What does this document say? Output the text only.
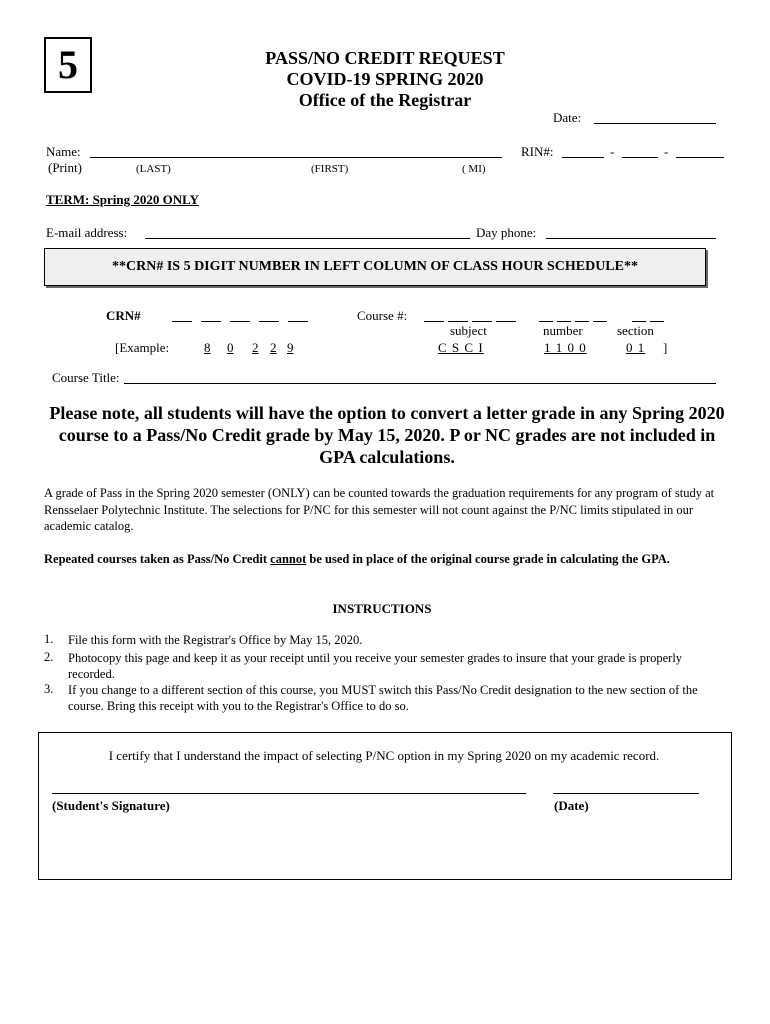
5	PASS/NO CREDIT REQUEST
COVID-19 SPRING 2020
Office of the Registrar
Date:
Name:
(Print)	(LAST)	(FIRST)	( MI)
RIN#:	-	-
TERM: Spring 2020 ONLY
E-mail address:	Day phone:
**CRN# IS 5 DIGIT NUMBER IN LEFT COLUMN OF CLASS HOUR SCHEDULE**
CRN#	Course #:
subject	number	section
[Example:	8 0 2 2 9	C S C I	1 1 0 0	0 1 ]
Course Title:
Please note, all students will have the option to convert a letter grade in any Spring 2020 course to a Pass/No Credit grade by May 15, 2020. P or NC grades are not included in GPA calculations.
A grade of Pass in the Spring 2020 semester (ONLY) can be counted towards the graduation requirements for any program of study at Rensselaer Polytechnic Institute. The selections for P/NC for this semester will not count against the P/NC limits stipulated in our academic catalog.
Repeated courses taken as Pass/No Credit cannot be used in place of the original course grade in calculating the GPA.
INSTRUCTIONS
1. File this form with the Registrar's Office by May 15, 2020.
2. Photocopy this page and keep it as your receipt until you receive your semester grades to insure that your grade is properly recorded.
3. If you change to a different section of this course, you MUST switch this Pass/No Credit designation to the new section of the course. Bring this receipt with you to the Registrar's Office to do so.
I certify that I understand the impact of selecting P/NC option in my Spring 2020 on my academic record.
(Student's Signature)	(Date)
